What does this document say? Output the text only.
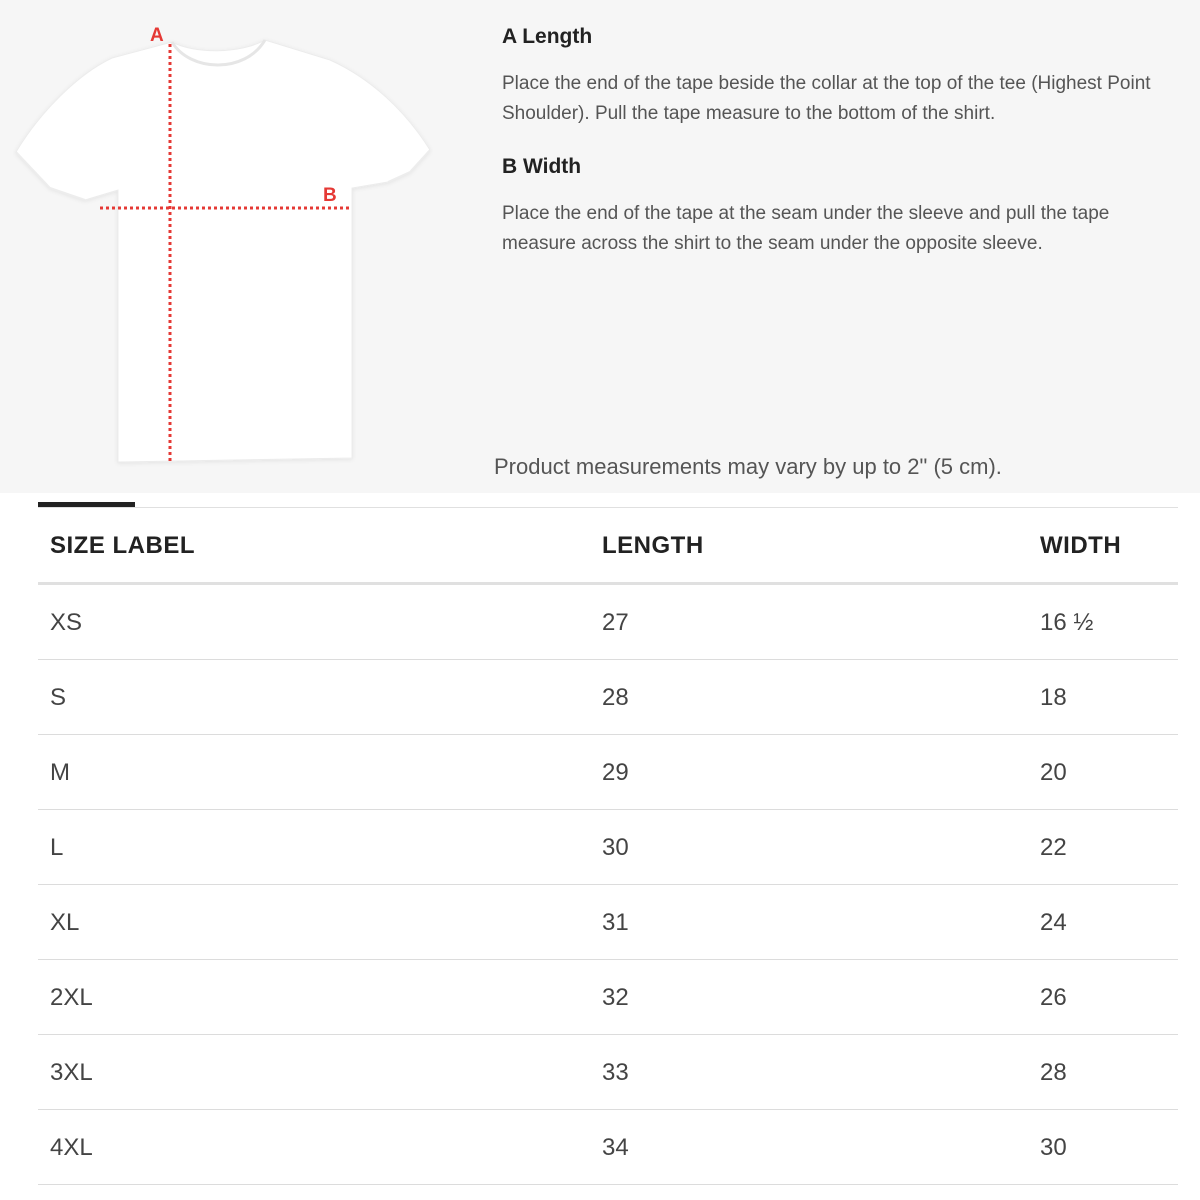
A
B
A Length

Place the end of the tape beside the collar at the top of the tee (Highest Point Shoulder). Pull the tape measure to the bottom of the shirt.

B Width

Place the end of the tape at the seam under the sleeve and pull the tape measure across the shirt to the seam under the opposite sleeve.

Product measurements may vary by up to 2" (5 cm).
SIZE LABEL	LENGTH	WIDTH
XS	27	16 ½
S	28	18
M	29	20
L	30	22
XL	31	24
2XL	32	26
3XL	33	28
4XL	34	30
